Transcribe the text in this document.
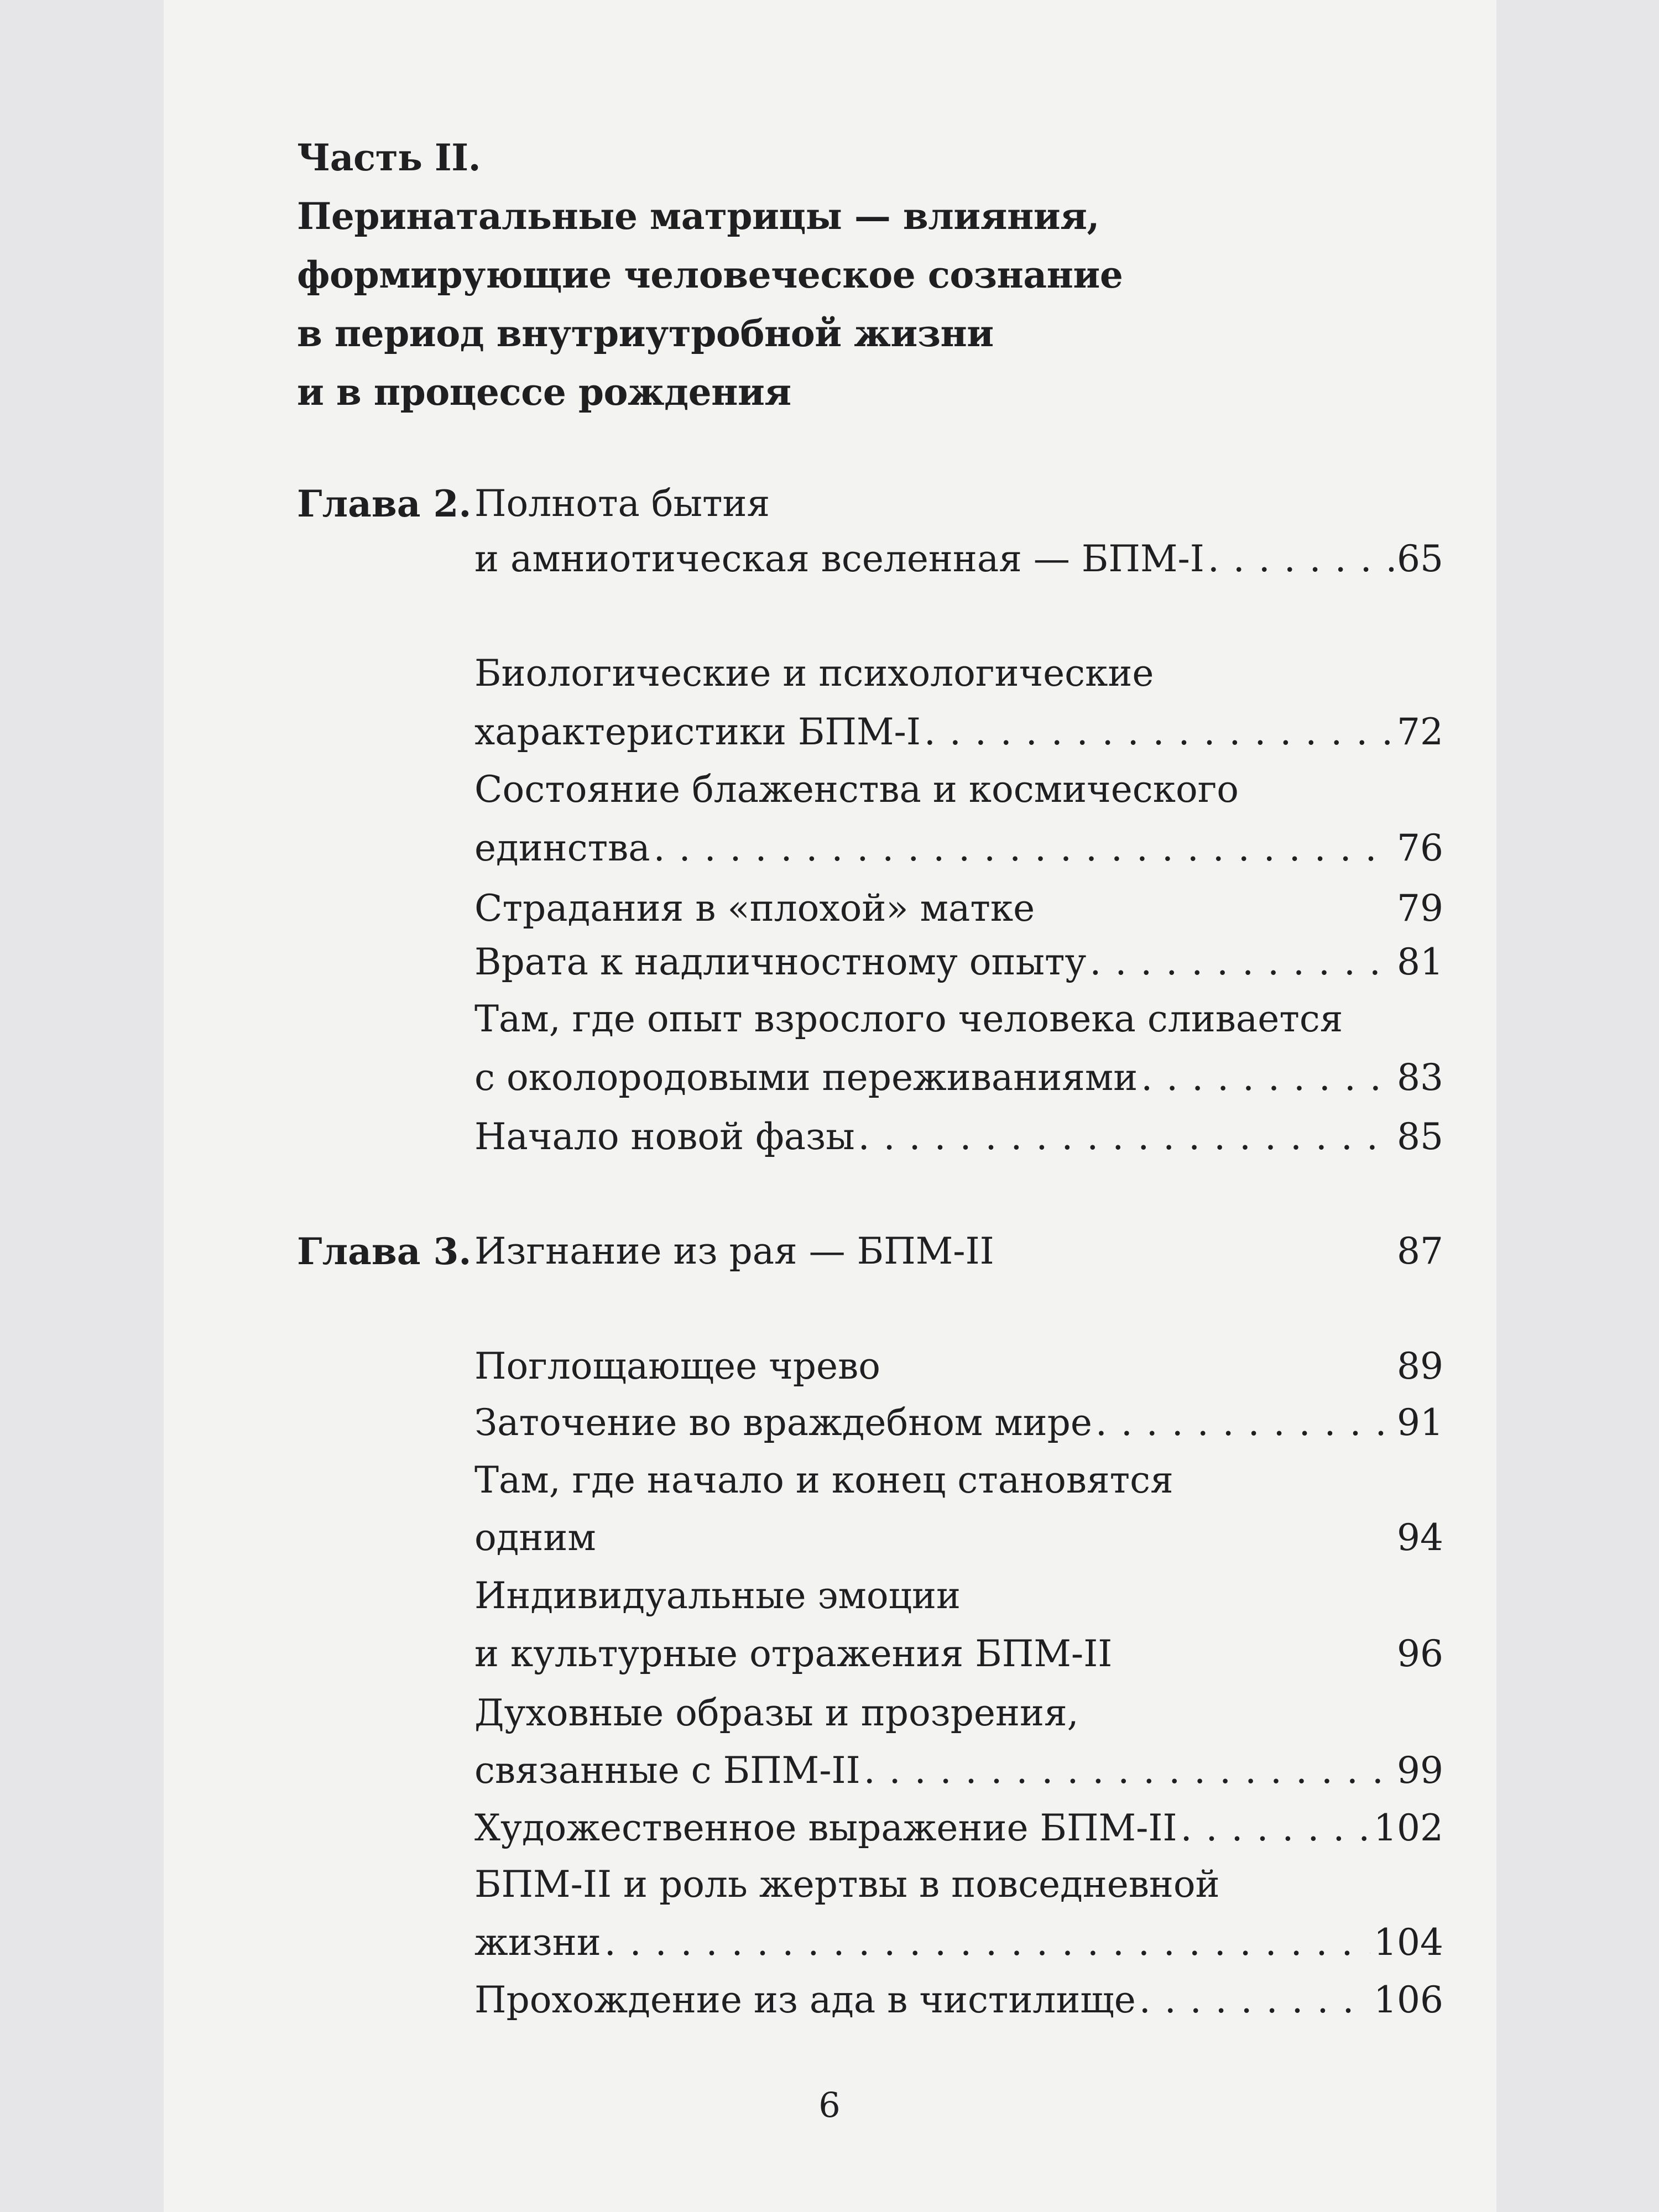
Часть II.
Перинатальные матрицы — влияния,
формирующие человеческое сознание
в период внутриутробной жизни
и в процессе рождения
Глава 2. Полнота бытия
и амниотическая вселенная — БПМ-I . . .	65
Биологические и психологические
характеристики БПМ-I . . .	72
Состояние блаженства и космического
единства . . .	76
Страдания в «плохой» матке	79
Врата к надличностному опыту . . .	81
Там, где опыт взрослого человека сливается
с околородовыми переживаниями . . .	83
Начало новой фазы . . .	85
Глава 3. Изгнание из рая — БПМ-II	87
Поглощающее чрево	89
Заточение во враждебном мире . . .	91
Там, где начало и конец становятся
одним	94
Индивидуальные эмоции
и культурные отражения БПМ-II	96
Духовные образы и прозрения,
связанные с БПМ-II . . .	99
Художественное выражение БПМ-II . . .	102
БПМ-II и роль жертвы в повседневной
жизни . . .	104
Прохождение из ада в чистилище . . .	106
6
